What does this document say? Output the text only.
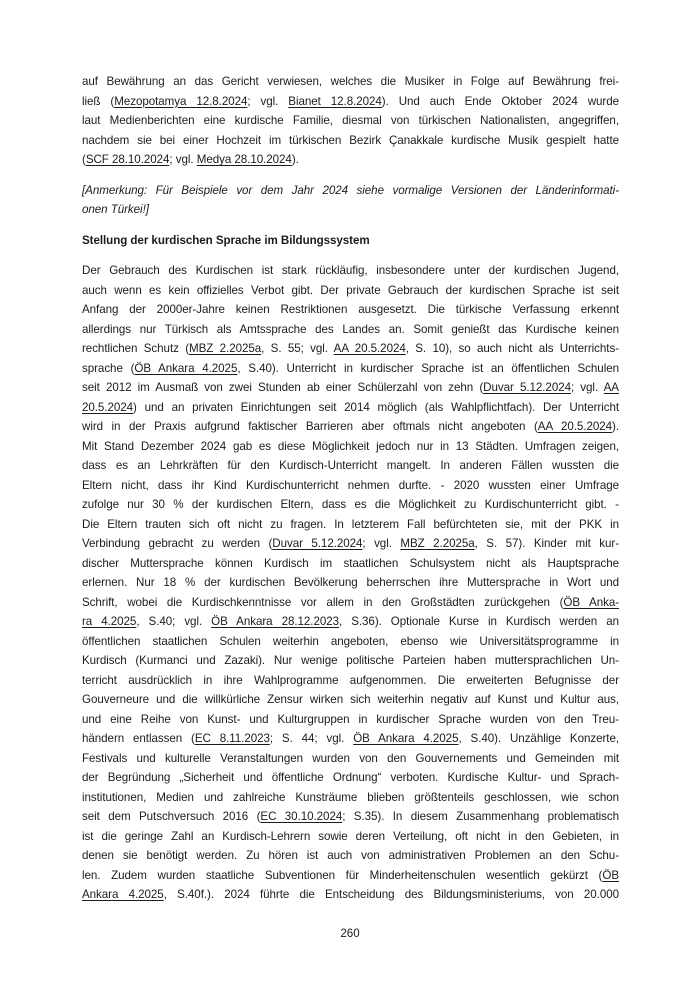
auf Bewährung an das Gericht verwiesen, welches die Musiker in Folge auf Bewährung frei-
ließ (Mezopotamya 12.8.2024; vgl. Bianet 12.8.2024). Und auch Ende Oktober 2024 wurde
laut Medienberichten eine kurdische Familie, diesmal von türkischen Nationalisten, angegriffen,
nachdem sie bei einer Hochzeit im türkischen Bezirk Çanakkale kurdische Musik gespielt hatte
(SCF 28.10.2024; vgl. Medya 28.10.2024).
[Anmerkung: Für Beispiele vor dem Jahr 2024 siehe vormalige Versionen der Länderinformati-
onen Türkei!]
Stellung der kurdischen Sprache im Bildungssystem
Der Gebrauch des Kurdischen ist stark rückläufig, insbesondere unter der kurdischen Jugend,
auch wenn es kein offizielles Verbot gibt. Der private Gebrauch der kurdischen Sprache ist seit
Anfang der 2000er-Jahre keinen Restriktionen ausgesetzt. Die türkische Verfassung erkennt
allerdings nur Türkisch als Amtssprache des Landes an. Somit genießt das Kurdische keinen
rechtlichen Schutz (MBZ 2.2025a, S. 55; vgl. AA 20.5.2024, S. 10), so auch nicht als Unterrichts-
sprache (ÖB Ankara 4.2025, S.40). Unterricht in kurdischer Sprache ist an öffentlichen Schulen
seit 2012 im Ausmaß von zwei Stunden ab einer Schülerzahl von zehn (Duvar 5.12.2024; vgl. AA
20.5.2024) und an privaten Einrichtungen seit 2014 möglich (als Wahlpflichtfach). Der Unterricht
wird in der Praxis aufgrund faktischer Barrieren aber oftmals nicht angeboten (AA 20.5.2024).
Mit Stand Dezember 2024 gab es diese Möglichkeit jedoch nur in 13 Städten. Umfragen zeigen,
dass es an Lehrkräften für den Kurdisch-Unterricht mangelt. In anderen Fällen wussten die
Eltern nicht, dass ihr Kind Kurdischunterricht nehmen durfte. - 2020 wussten einer Umfrage
zufolge nur 30 % der kurdischen Eltern, dass es die Möglichkeit zu Kurdischunterricht gibt. -
Die Eltern trauten sich oft nicht zu fragen. In letzterem Fall befürchteten sie, mit der PKK in
Verbindung gebracht zu werden (Duvar 5.12.2024; vgl. MBZ 2.2025a, S. 57). Kinder mit kur-
discher Muttersprache können Kurdisch im staatlichen Schulsystem nicht als Hauptsprache
erlernen. Nur 18 % der kurdischen Bevölkerung beherrschen ihre Muttersprache in Wort und
Schrift, wobei die Kurdischkenntnisse vor allem in den Großstädten zurückgehen (ÖB Anka-
ra 4.2025, S.40; vgl. ÖB Ankara 28.12.2023, S.36). Optionale Kurse in Kurdisch werden an
öffentlichen staatlichen Schulen weiterhin angeboten, ebenso wie Universitätsprogramme in
Kurdisch (Kurmanci und Zazaki). Nur wenige politische Parteien haben muttersprachlichen Un-
terricht ausdrücklich in ihre Wahlprogramme aufgenommen. Die erweiterten Befugnisse der
Gouverneure und die willkürliche Zensur wirken sich weiterhin negativ auf Kunst und Kultur aus,
und eine Reihe von Kunst- und Kulturgruppen in kurdischer Sprache wurden von den Treu-
händern entlassen (EC 8.11.2023; S. 44; vgl. ÖB Ankara 4.2025, S.40). Unzählige Konzerte,
Festivals und kulturelle Veranstaltungen wurden von den Gouvernements und Gemeinden mit
der Begründung „Sicherheit und öffentliche Ordnung“ verboten. Kurdische Kultur- und Sprach-
institutionen, Medien und zahlreiche Kunsträume blieben größtenteils geschlossen, wie schon
seit dem Putschversuch 2016 (EC 30.10.2024; S.35). In diesem Zusammenhang problematisch
ist die geringe Zahl an Kurdisch-Lehrern sowie deren Verteilung, oft nicht in den Gebieten, in
denen sie benötigt werden. Zu hören ist auch von administrativen Problemen an den Schu-
len. Zudem wurden staatliche Subventionen für Minderheitenschulen wesentlich gekürzt (ÖB
Ankara 4.2025, S.40f.). 2024 führte die Entscheidung des Bildungsministeriums, von 20.000
260
